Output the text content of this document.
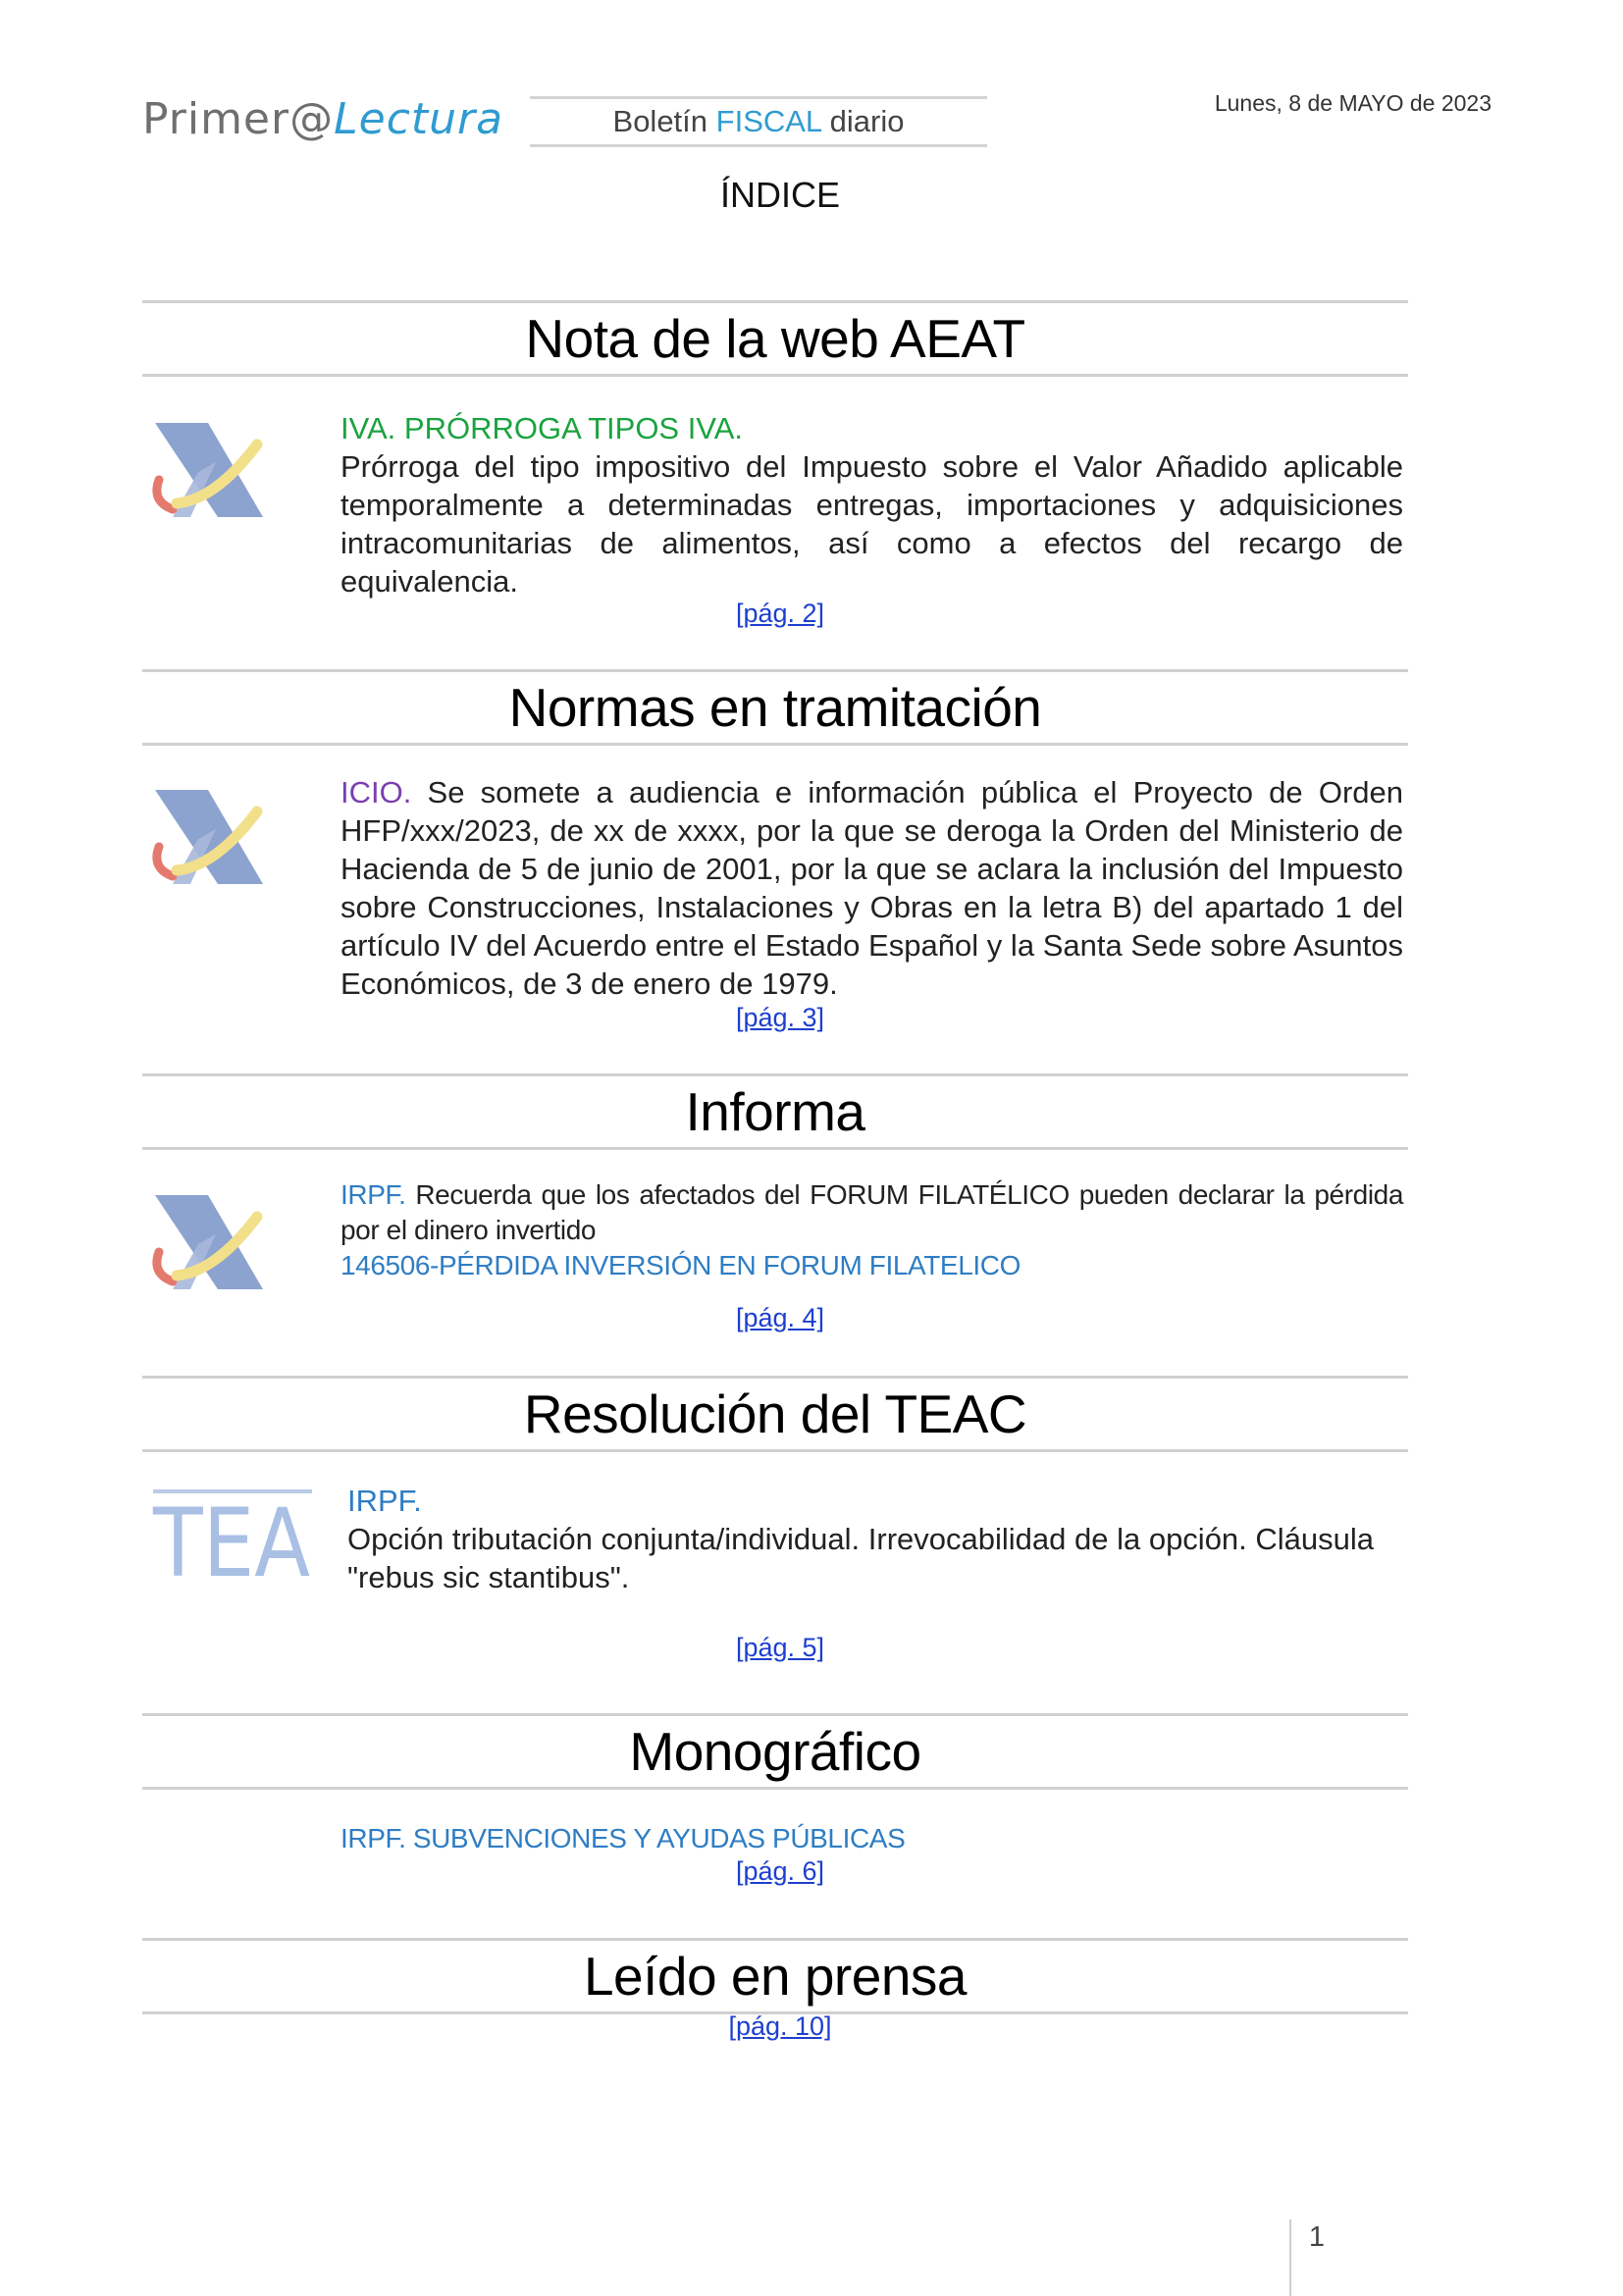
Primer@Lectura	Boletín FISCAL diario
Lunes, 8 de MAYO de 2023
ÍNDICE
Nota de la web AEAT
IVA. PRÓRROGA TIPOS IVA.
Prórroga del tipo impositivo del Impuesto sobre el Valor Añadido aplicable temporalmente a determinadas entregas, importaciones y adquisiciones intracomunitarias de alimentos, así como a efectos del recargo de equivalencia.
[pág. 2]
Normas en tramitación
ICIO. Se somete a audiencia e información pública el Proyecto de Orden HFP/xxx/2023, de xx de xxxx, por la que se deroga la Orden del Ministerio de Hacienda de 5 de junio de 2001, por la que se aclara la inclusión del Impuesto sobre Construcciones, Instalaciones y Obras en la letra B) del apartado 1 del artículo IV del Acuerdo entre el Estado Español y la Santa Sede sobre Asuntos Económicos, de 3 de enero de 1979.
[pág. 3]
Informa
IRPF. Recuerda que los afectados del FORUM FILATÉLICO pueden declarar la pérdida por el dinero invertido
146506-PÉRDIDA INVERSIÓN EN FORUM FILATELICO
[pág. 4]
Resolución del TEAC
TEA IRPF.
Opción tributación conjunta/individual. Irrevocabilidad de la opción. Cláusula "rebus sic stantibus".
[pág. 5]
Monográfico
IRPF. SUBVENCIONES Y AYUDAS PÚBLICAS
[pág. 6]
Leído en prensa
[pág. 10]
1
